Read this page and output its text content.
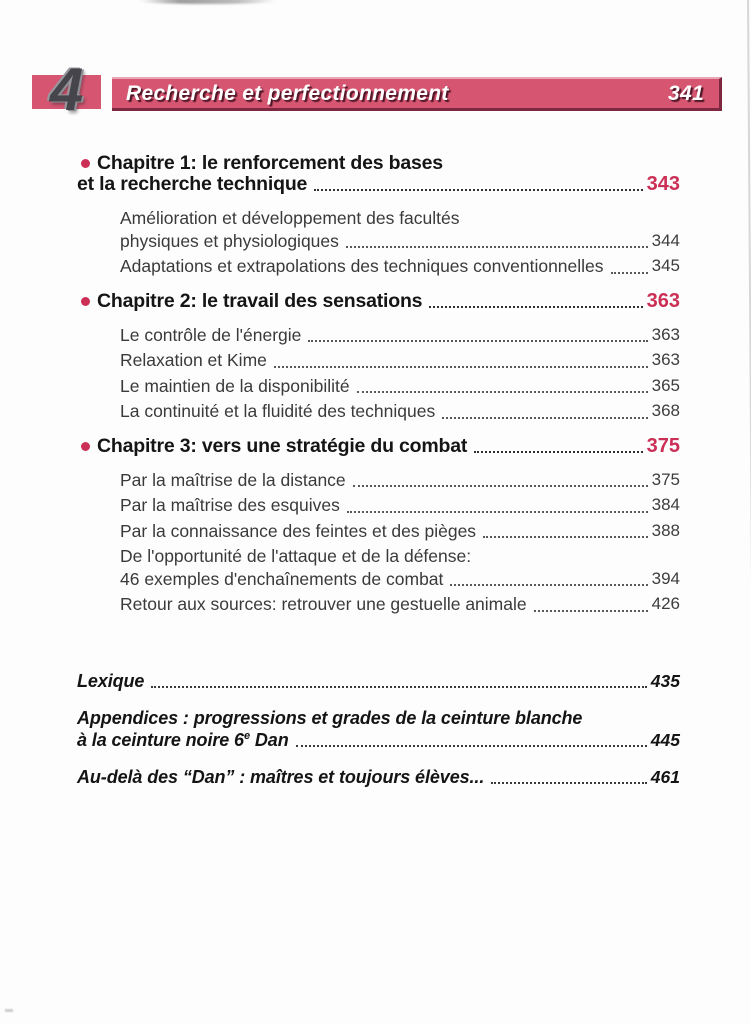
4 Recherche et perfectionnement	341
Chapitre 1: le renforcement des bases
et la recherche technique	343
Amélioration et développement des facultés
physiques et physiologiques	344
Adaptations et extrapolations des techniques conventionnelles	345
Chapitre 2: le travail des sensations	363
Le contrôle de l'énergie	363
Relaxation et Kime	363
Le maintien de la disponibilité	365
La continuité et la fluidité des techniques	368
Chapitre 3: vers une stratégie du combat	375
Par la maîtrise de la distance	375
Par la maîtrise des esquives	384
Par la connaissance des feintes et des pièges	388
De l'opportunité de l'attaque et de la défense:
46 exemples d'enchaînements de combat	394
Retour aux sources: retrouver une gestuelle animale	426
Lexique	435
Appendices : progressions et grades de la ceinture blanche
à la ceinture noire 6e Dan	445
Au-delà des “Dan” : maîtres et toujours élèves...	461
